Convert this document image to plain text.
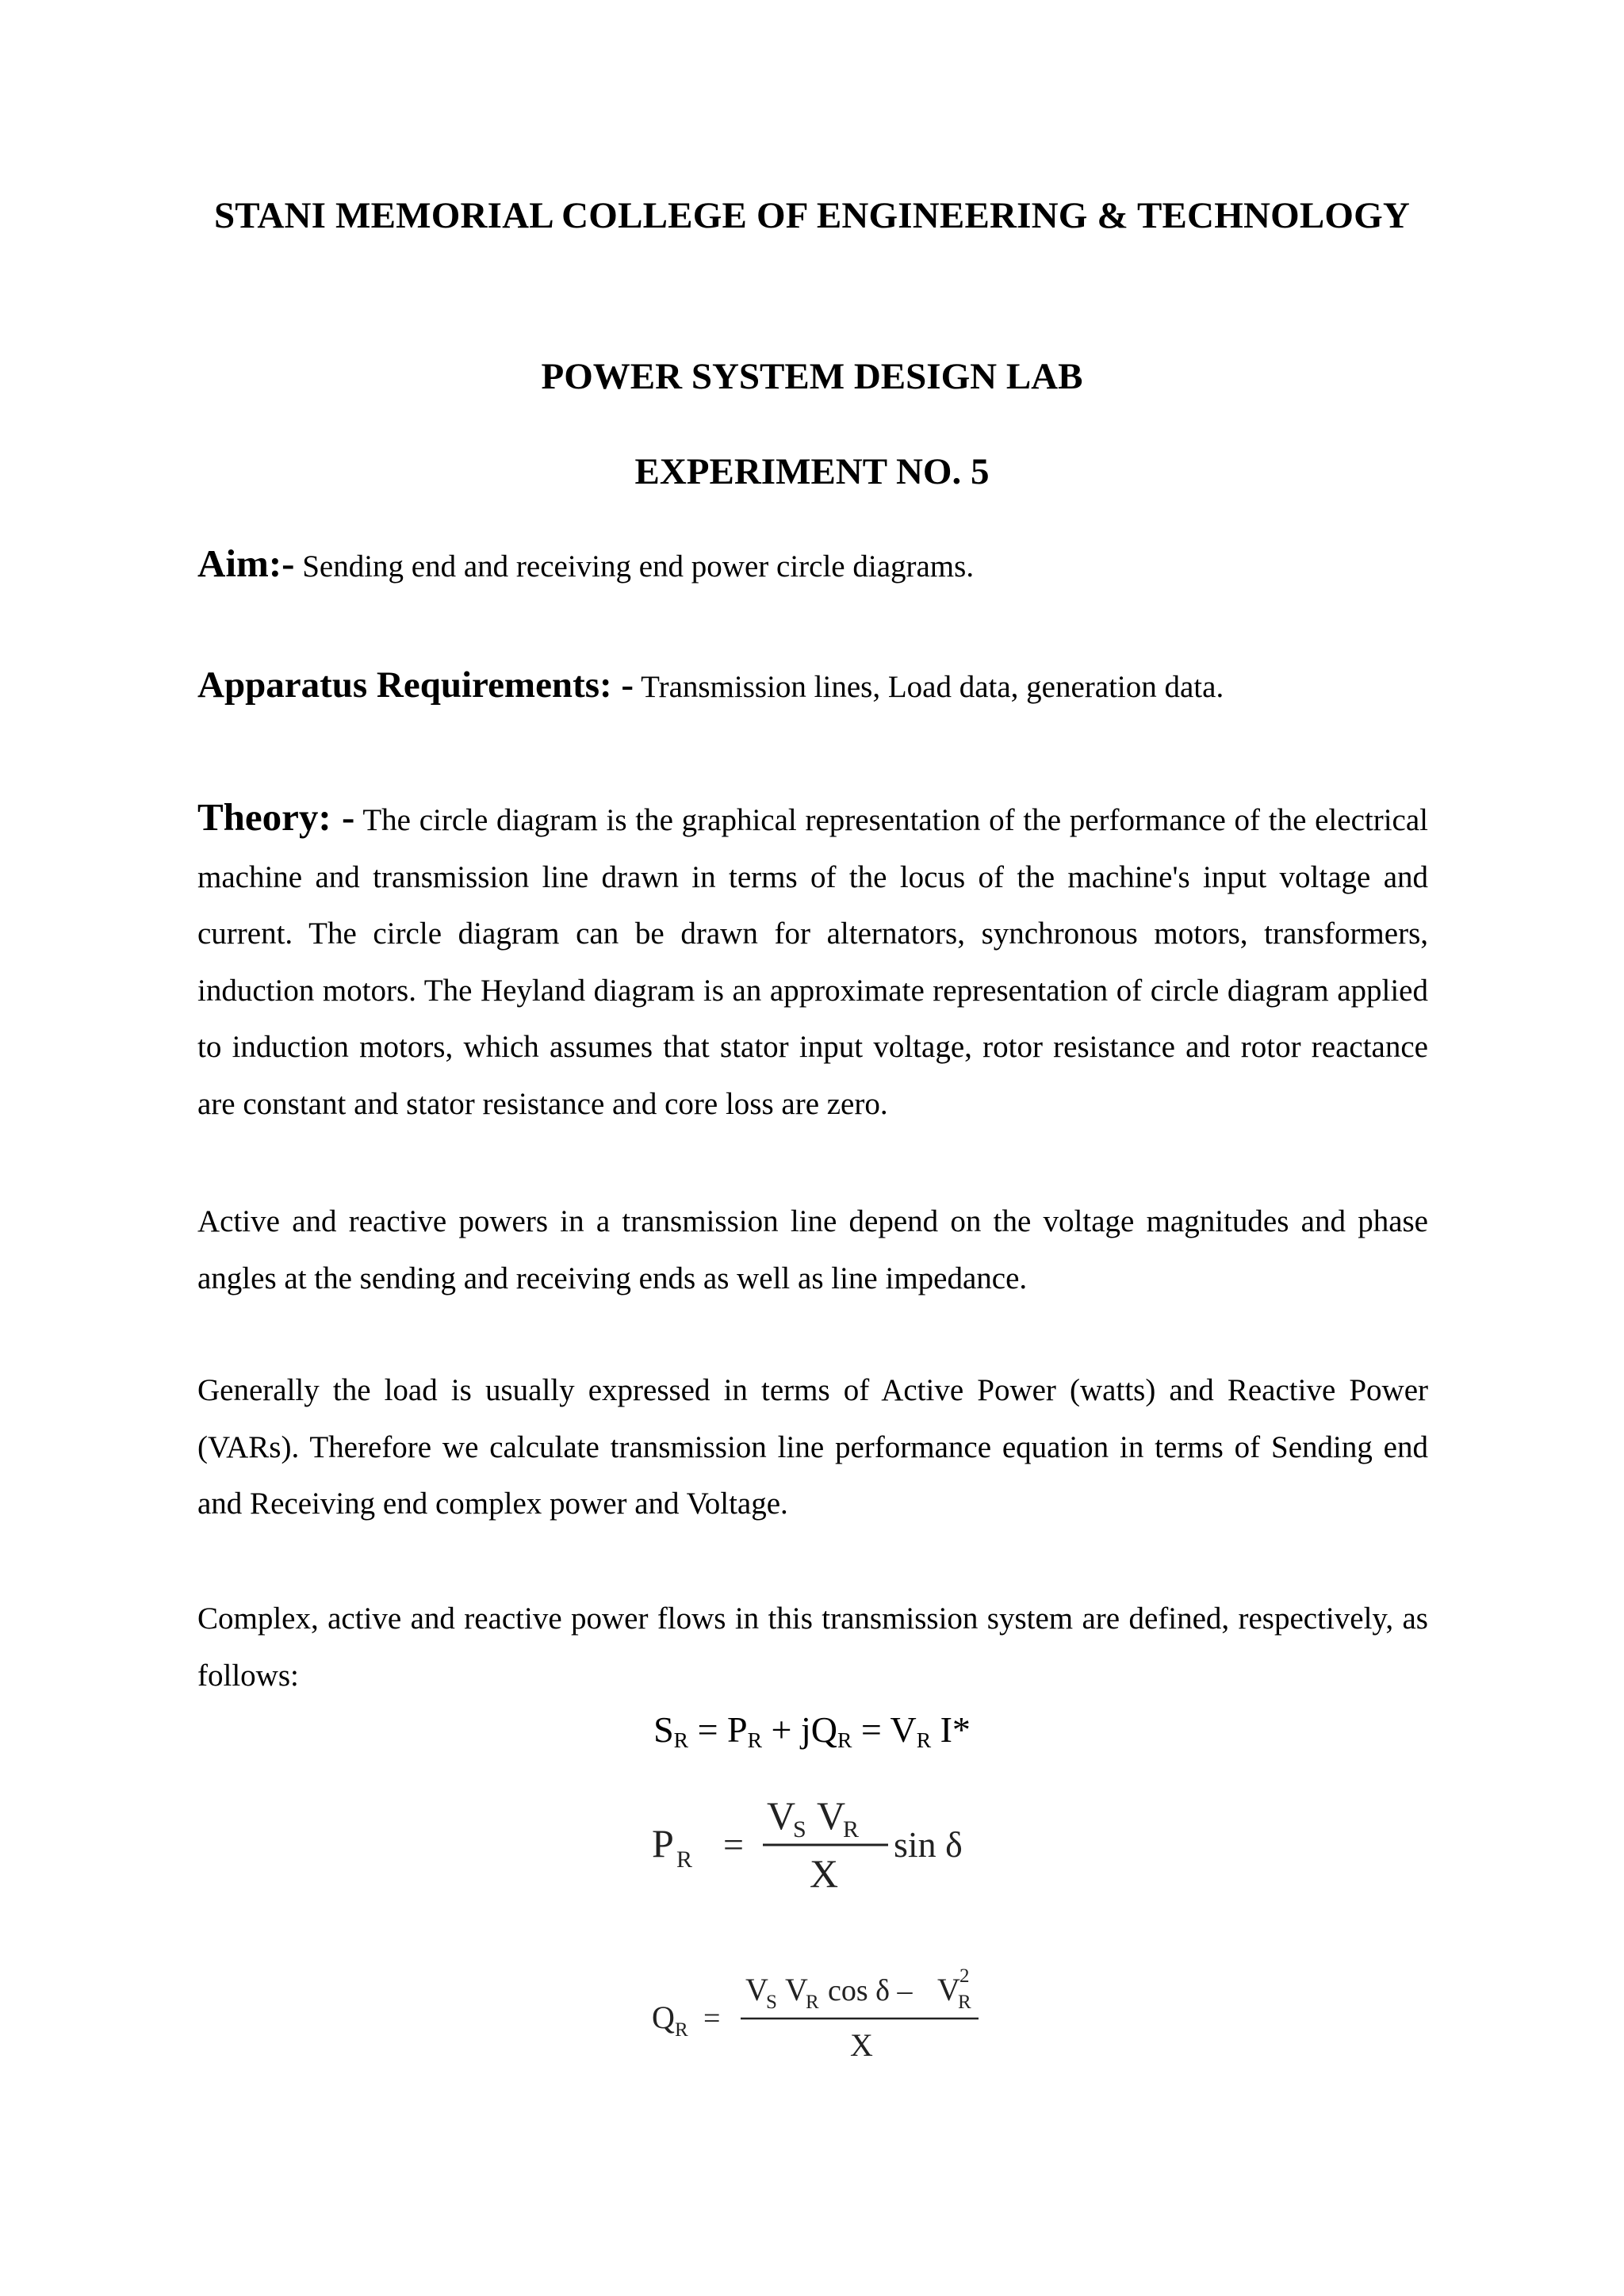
STANI MEMORIAL COLLEGE OF ENGINEERING & TECHNOLOGY
POWER SYSTEM DESIGN LAB
EXPERIMENT NO. 5
Aim:- Sending end and receiving end power circle diagrams.
Apparatus Requirements: - Transmission lines, Load data, generation data.
Theory: - The circle diagram is the graphical representation of the performance of the electrical machine and transmission line drawn in terms of the locus of the machine's input voltage and current. The circle diagram can be drawn for alternators, synchronous motors, transformers, induction motors. The Heyland diagram is an approximate representation of circle diagram applied to induction motors, which assumes that stator input voltage, rotor resistance and rotor reactance are constant and stator resistance and core loss are zero.
Active and reactive powers in a transmission line depend on the voltage magnitudes and phase angles at the sending and receiving ends as well as line impedance.
Generally the load is usually expressed in terms of Active Power (watts) and Reactive Power (VARs). Therefore we calculate transmission line performance equation in terms of Sending end and Receiving end complex power and Voltage.
Complex, active and reactive power flows in this transmission system are defined, respectively, as follows:
$S_R = P_R + jQ_R = V_R$ I*
P R =
V
S V
R
X
sin δ
Q R =
V
S V
R cos δ – V
R
2
X
